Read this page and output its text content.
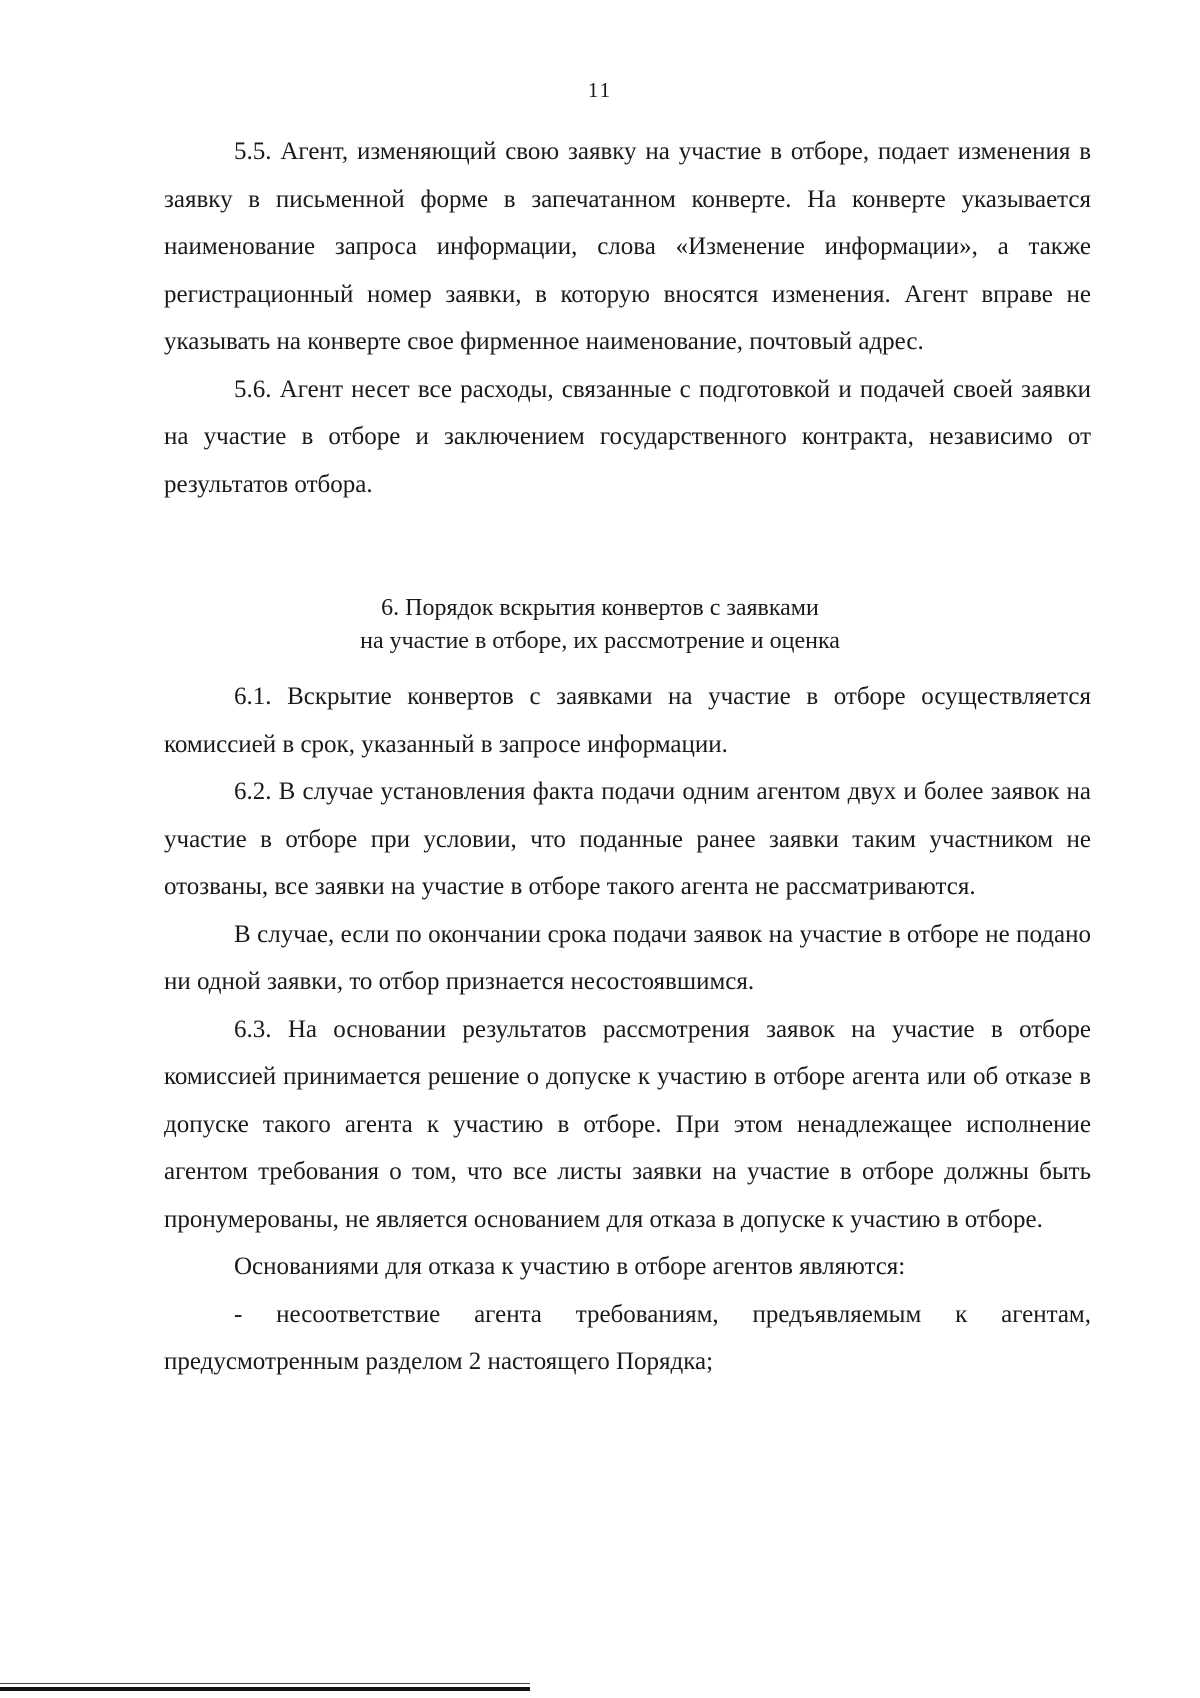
11

5.5. Агент, изменяющий свою заявку на участие в отборе, подает изменения в заявку в письменной форме в запечатанном конверте. На конверте указывается наименование запроса информации, слова «Изменение информации», а также регистрационный номер заявки, в которую вносятся изменения. Агент вправе не указывать на конверте свое фирменное наименование, почтовый адрес.

5.6. Агент несет все расходы, связанные с подготовкой и подачей своей заявки на участие в отборе и заключением государственного контракта, независимо от результатов отбора.

6. Порядок вскрытия конвертов с заявками
на участие в отборе, их рассмотрение и оценка

6.1. Вскрытие конвертов с заявками на участие в отборе осуществляется комиссией в срок, указанный в запросе информации.

6.2. В случае установления факта подачи одним агентом двух и более заявок на участие в отборе при условии, что поданные ранее заявки таким участником не отозваны, все заявки на участие в отборе такого агента не рассматриваются.

В случае, если по окончании срока подачи заявок на участие в отборе не подано ни одной заявки, то отбор признается несостоявшимся.

6.3. На основании результатов рассмотрения заявок на участие в отборе комиссией принимается решение о допуске к участию в отборе агента или об отказе в допуске такого агента к участию в отборе. При этом ненадлежащее исполнение агентом требования о том, что все листы заявки на участие в отборе должны быть пронумерованы, не является основанием для отказа в допуске к участию в отборе.

Основаниями для отказа к участию в отборе агентов являются:

- несоответствие агента требованиям, предъявляемым к агентам, предусмотренным разделом 2 настоящего Порядка;
